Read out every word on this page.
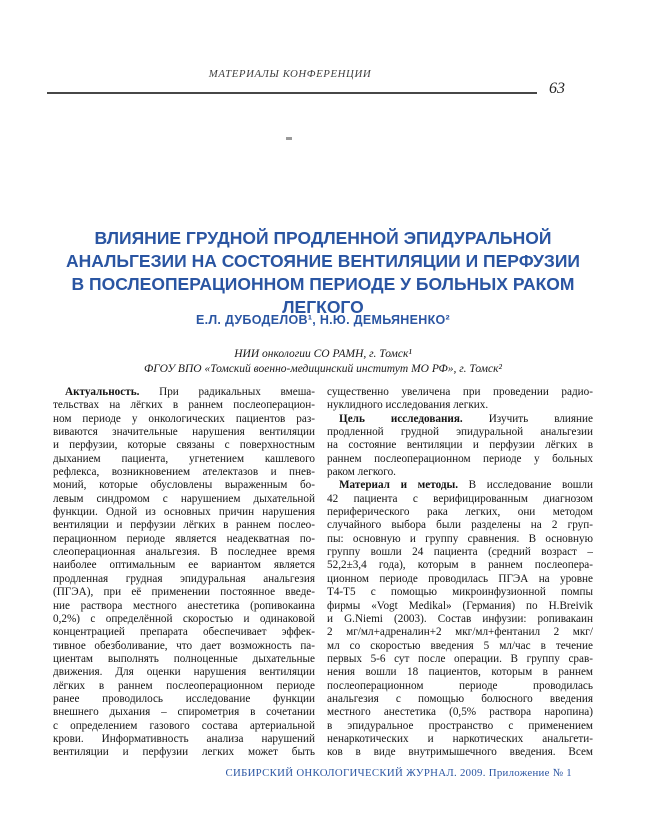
МАТЕРИАЛЫ КОНФЕРЕНЦИИ
63
ВЛИЯНИЕ ГРУДНОЙ ПРОДЛЕННОЙ ЭПИДУРАЛЬНОЙ
АНАЛЬГЕЗИИ НА СОСТОЯНИЕ ВЕНТИЛЯЦИИ И ПЕРФУЗИИ
В ПОСЛЕОПЕРАЦИОННОМ ПЕРИОДЕ У БОЛЬНЫХ РАКОМ
ЛЕГКОГО
Е.Л. ДУБОДЕЛОВ¹, Н.Ю. ДЕМЬЯНЕНКО²
НИИ онкологии СО РАМН, г. Томск¹
ФГОУ ВПО «Томский военно-медицинский институт МО РФ», г. Томск²
Актуальность. При радикальных вмеша-
тельствах на лёгких в раннем послеоперацион-
ном периоде у онкологических пациентов раз-
виваются значительные нарушения вентиляции
и перфузии, которые связаны с поверхностным
дыханием пациента, угнетением кашлевого
рефлекса, возникновением ателектазов и пнев-
моний, которые обусловлены выраженным бо-
левым синдромом с нарушением дыхательной
функции. Одной из основных причин нарушения
вентиляции и перфузии лёгких в раннем послео-
перационном периоде является неадекватная по-
слеоперационная анальгезия. В последнее время
наиболее оптимальным ее вариантом является
продленная грудная эпидуральная анальгезия
(ПГЭА), при её применении постоянное введе-
ние раствора местного анестетика (ропивокаина
0,2%) с определённой скоростью и одинаковой
концентрацией препарата обеспечивает эффек-
тивное обезболивание, что дает возможность па-
циентам выполнять полноценные дыхательные
движения. Для оценки нарушения вентиляции
лёгких в раннем послеоперационном периоде
ранее проводилось исследование функции
внешнего дыхания – спирометрия в сочетании
с определением газового состава артериальной
крови. Информативность анализа нарушений
вентиляции и перфузии легких может быть
существенно увеличена при проведении радио-
нуклидного исследования легких.
Цель исследования. Изучить влияние
продленной грудной эпидуральной анальгезии
на состояние вентиляции и перфузии лёгких в
раннем послеоперационном периоде у больных
раком легкого.
Материал и методы. В исследование вошли
42 пациента с верифицированным диагнозом
периферического рака легких, они методом
случайного выбора были разделены на 2 груп-
пы: основную и группу сравнения. В основную
группу вошли 24 пациента (средний возраст –
52,2±3,4 года), которым в раннем послеопера-
ционном периоде проводилась ПГЭА на уровне
Т4-Т5 с помощью микроинфузионной помпы
фирмы «Vogt Medikal» (Германия) по H.Breivik
и G.Niemi (2003). Состав инфузии: ропивакаин
2 мг/мл+адреналин+2 мкг/мл+фентанил 2 мкг/
мл со скоростью введения 5 мл/час в течение
первых 5-6 сут после операции. В группу срав-
нения вошли 18 пациентов, которым в раннем
послеоперационном периоде проводилась
анальгезия с помощью болюсного введения
местного анестетика (0,5% раствора наропина)
в эпидуральное пространство с применением
ненаркотических и наркотических анальгети-
ков в виде внутримышечного введения. Всем
СИБИРСКИЙ ОНКОЛОГИЧЕСКИЙ ЖУРНАЛ. 2009. Приложение № 1
